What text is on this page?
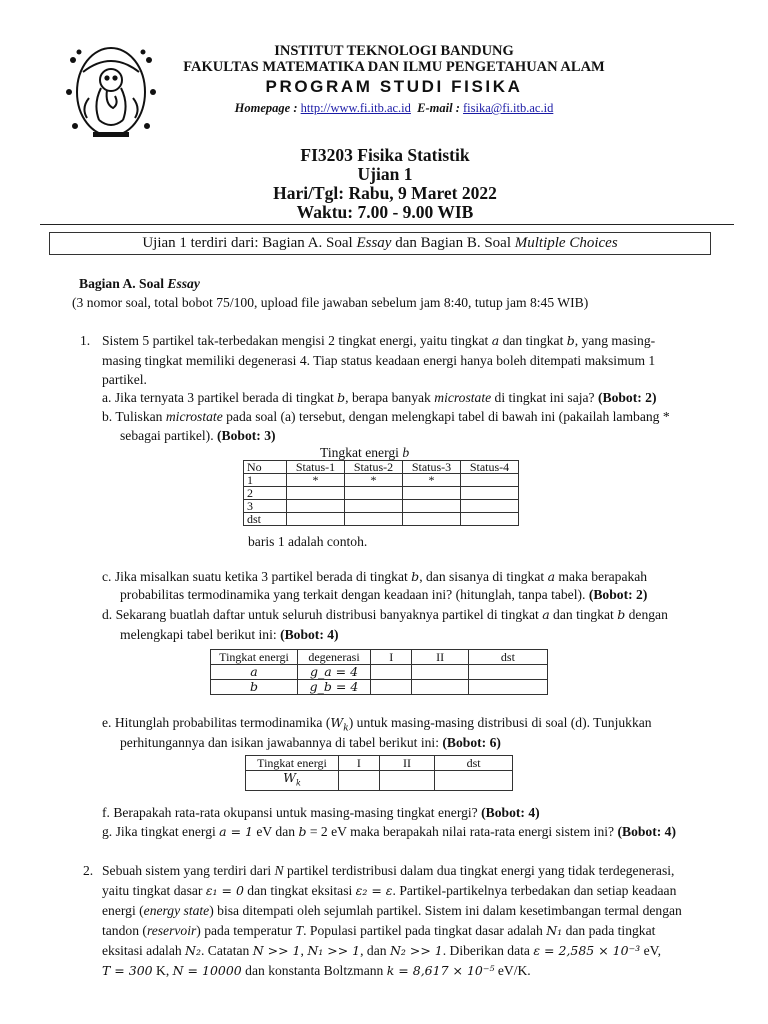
INSTITUT TEKNOLOGI BANDUNG
FAKULTAS MATEMATIKA DAN ILMU PENGETAHUAN ALAM
PROGRAM STUDI FISIKA
Homepage : http://www.fi.itb.ac.id E-mail : fisika@fi.itb.ac.id
FI3203 Fisika Statistik
Ujian 1
Hari/Tgl: Rabu, 9 Maret 2022
Waktu: 7.00 - 9.00 WIB
Ujian 1 terdiri dari: Bagian A. Soal Essay dan Bagian B. Soal Multiple Choices
Bagian A. Soal Essay
(3 nomor soal, total bobot 75/100, upload file jawaban sebelum jam 8:40, tutup jam 8:45 WIB)
1. Sistem 5 partikel tak-terbedakan mengisi 2 tingkat energi, yaitu tingkat a dan tingkat b, yang masing-
masing tingkat memiliki degenerasi 4. Tiap status keadaan energi hanya boleh ditempati maksimum 1
partikel.
a. Jika ternyata 3 partikel berada di tingkat b, berapa banyak microstate di tingkat ini saja? (Bobot: 2)
b. Tuliskan microstate pada soal (a) tersebut, dengan melengkapi tabel di bawah ini (pakailah lambang *
sebagai partikel). (Bobot: 3)
Tingkat energi b
No	Status-1	Status-2	Status-3	Status-4
1	*	*	*	
2				
3				
dst				
baris 1 adalah contoh.
c. Jika misalkan suatu ketika 3 partikel berada di tingkat b, dan sisanya di tingkat a maka berapakah
probabilitas termodinamika yang terkait dengan keadaan ini? (hitunglah, tanpa tabel). (Bobot: 2)
d. Sekarang buatlah daftar untuk seluruh distribusi banyaknya partikel di tingkat a dan tingkat b dengan
melengkapi tabel berikut ini: (Bobot: 4)
Tingkat energi	degenerasi	I	II	dst
a	g_a = 4			
b	g_b = 4			
e. Hitunglah probabilitas termodinamika $(W_k)$ untuk masing-masing distribusi di soal (d). Tunjukkan
perhitungannya dan isikan jawabannya di tabel berikut ini: (Bobot: 6)
Tingkat energi	I	II	dst
$W_k$			
f. Berapakah rata-rata okupansi untuk masing-masing tingkat energi? (Bobot: 4)
g. Jika tingkat energi a = 1 eV dan b = 2 eV maka berapakah nilai rata-rata energi sistem ini? (Bobot: 4)
2. Sebuah sistem yang terdiri dari N partikel terdistribusi dalam dua tingkat energi yang tidak terdegenerasi,
yaitu tingkat dasar ε₁ = 0 dan tingkat eksitasi ε₂ = ε. Partikel-partikelnya terbedakan dan setiap keadaan
energi (energy state) bisa ditempati oleh sejumlah partikel. Sistem ini dalam kesetimbangan termal dengan
tandon (reservoir) pada temperatur T. Populasi partikel pada tingkat dasar adalah N₁ dan pada tingkat
eksitasi adalah N₂. Catatan N >> 1, N₁ >> 1, dan N₂ >> 1. Diberikan data ε = 2,585 × 10⁻³ eV,
T = 300 K, N = 10000 dan konstanta Boltzmann k = 8,617 × 10⁻⁵ eV/K.
